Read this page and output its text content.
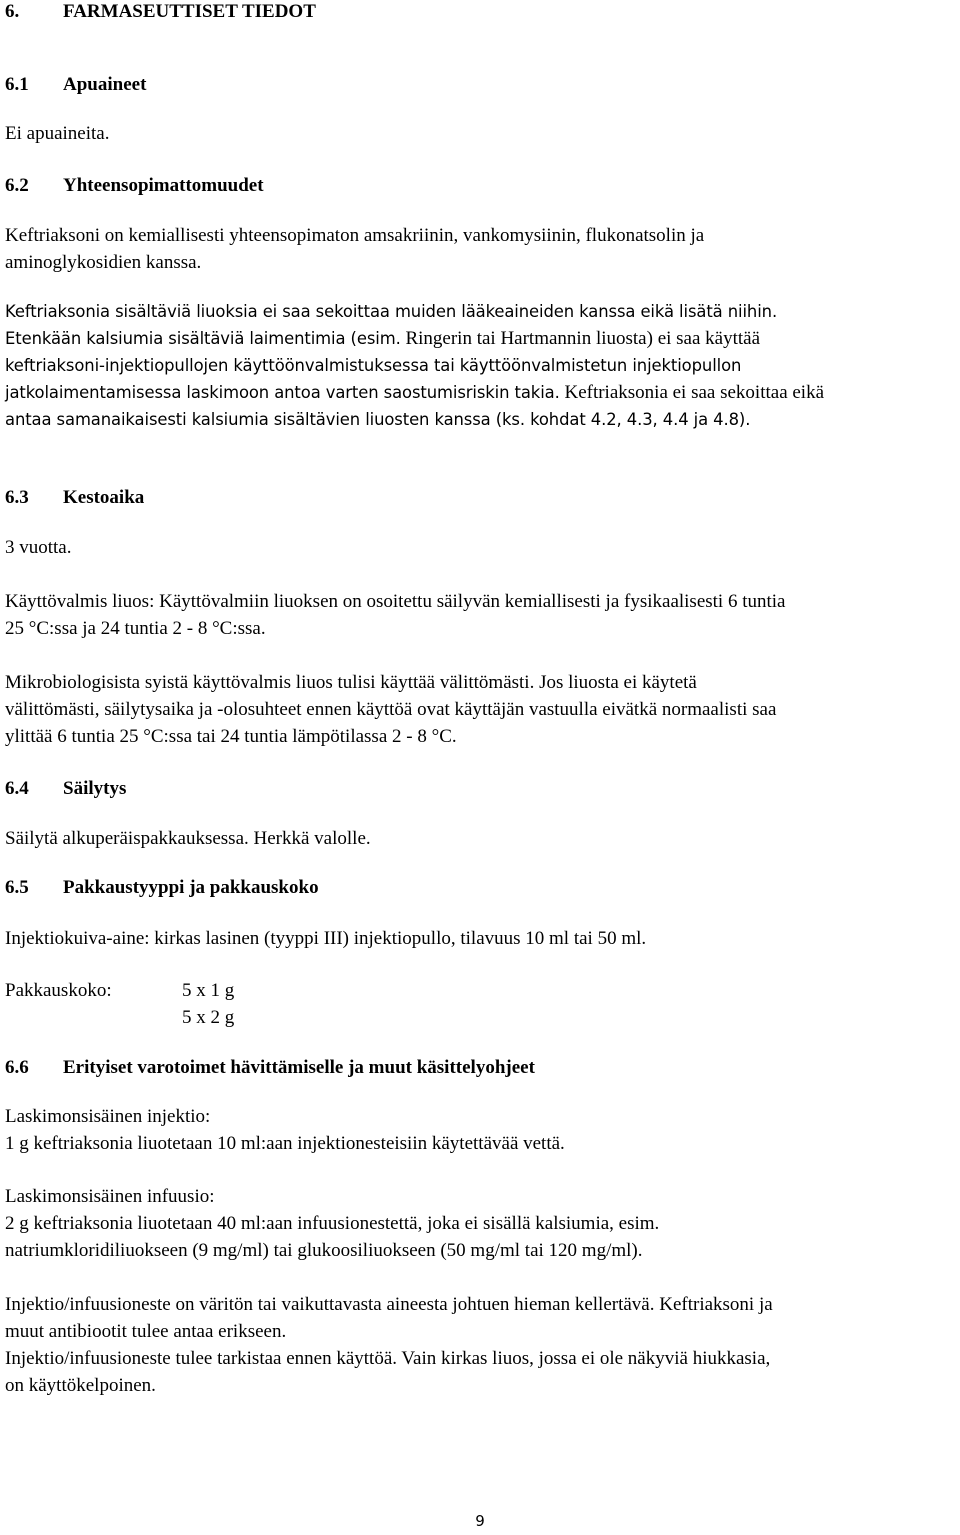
6. FARMASEUTTISET TIEDOT
6.1 Apuaineet

Ei apuaineita.

6.2 Yhteensopimattomuudet

Keftriaksoni on kemiallisesti yhteensopimaton amsakriinin, vankomysiinin, flukonatsolin ja
aminoglykosidien kanssa.

Keftriaksonia sisältäviä liuoksia ei saa sekoittaa muiden lääkeaineiden kanssa eikä lisätä niihin.
Etenkään kalsiumia sisältäviä laimentimia (esim. Ringerin tai Hartmannin liuosta) ei saa käyttää
keftriaksoni-injektiopullojen käyttöönvalmistuksessa tai käyttöönvalmistetun injektiopullon
jatkolaimentamisessa laskimoon antoa varten saostumisriskin takia. Keftriaksonia ei saa sekoittaa eikä
antaa samanaikaisesti kalsiumia sisältävien liuosten kanssa (ks. kohdat 4.2, 4.3, 4.4 ja 4.8).
6.3 Kestoaika

3 vuotta.

Käyttövalmis liuos: Käyttövalmiin liuoksen on osoitettu säilyvän kemiallisesti ja fysikaalisesti 6 tuntia
25 °C:ssa ja 24 tuntia 2 - 8 °C:ssa.

Mikrobiologisista syistä käyttövalmis liuos tulisi käyttää välittömästi. Jos liuosta ei käytetä
välittömästi, säilytysaika ja -olosuhteet ennen käyttöä ovat käyttäjän vastuulla eivätkä normaalisti saa
ylittää 6 tuntia 25 °C:ssa tai 24 tuntia lämpötilassa 2 - 8 °C.

6.4 Säilytys

Säilytä alkuperäispakkauksessa. Herkkä valolle.

6.5 Pakkaustyyppi ja pakkauskoko

Injektiokuiva-aine: kirkas lasinen (tyyppi III) injektiopullo, tilavuus 10 ml tai 50 ml.

Pakkauskoko:	5 x 1 g
5 x 2 g
6.6 Erityiset varotoimet hävittämiselle ja muut käsittelyohjeet

Laskimonsisäinen injektio:
1 g keftriaksonia liuotetaan 10 ml:aan injektionesteisiin käytettävää vettä.

Laskimonsisäinen infuusio:
2 g keftriaksonia liuotetaan 40 ml:aan infuusionestettä, joka ei sisällä kalsiumia, esim.
natriumkloridiliuokseen (9 mg/ml) tai glukoosiliuokseen (50 mg/ml tai 120 mg/ml).

Injektio/infuusioneste on väritön tai vaikuttavasta aineesta johtuen hieman kellertävä. Keftriaksoni ja
muut antibiootit tulee antaa erikseen.
Injektio/infuusioneste tulee tarkistaa ennen käyttöä. Vain kirkas liuos, jossa ei ole näkyviä hiukkasia,
on käyttökelpoinen.

9
